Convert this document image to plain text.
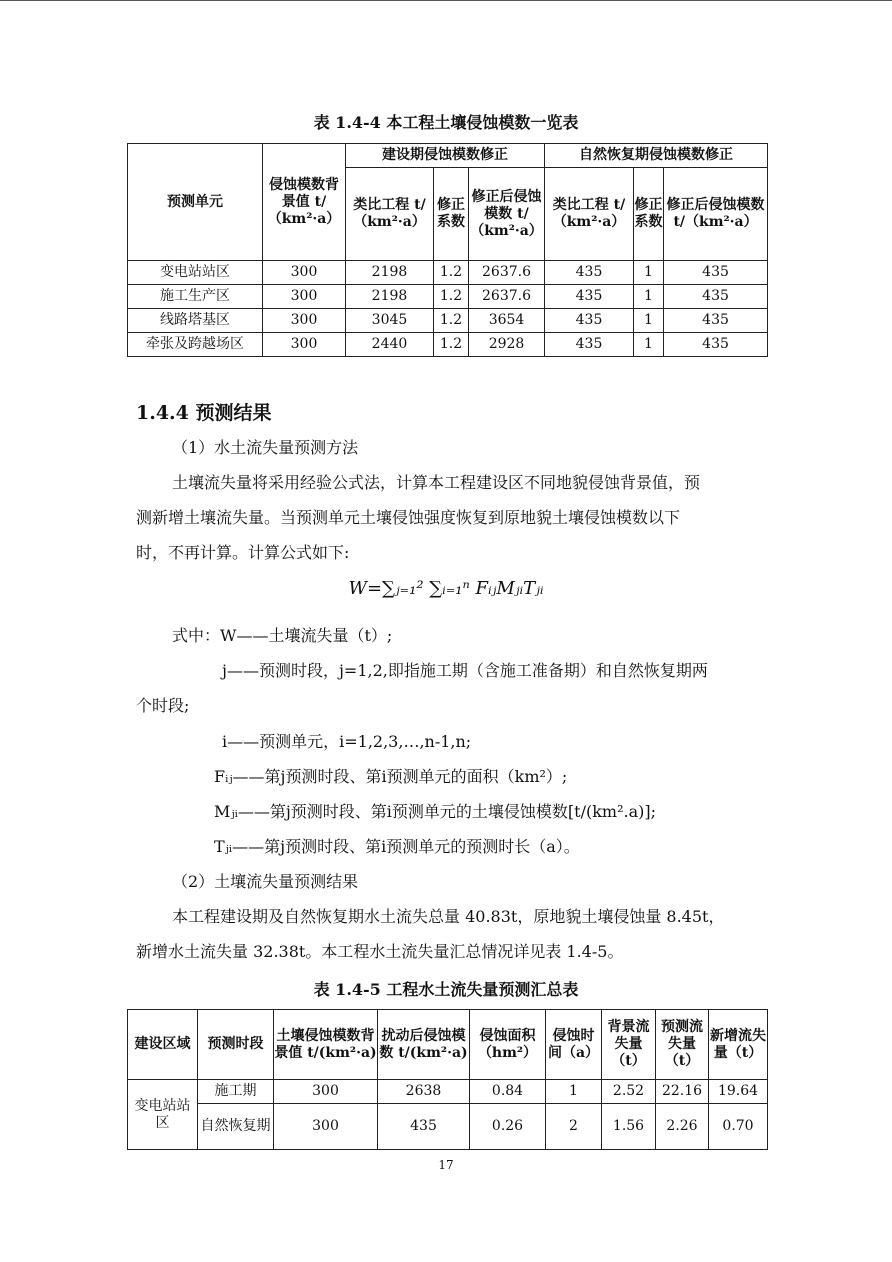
表 1.4-4 本工程土壤侵蚀模数一览表
预测单元	侵蚀模数背景值 t/（km²·a）	建设期侵蚀模数修正			自然恢复期侵蚀模数修正		
		类比工程 t/（km²·a）	修正系数	修正后侵蚀模数 t/（km²·a）	类比工程 t/（km²·a）	修正系数	修正后侵蚀模数 t/（km²·a）
变电站站区	300	2198	1.2	2637.6	435	1	435
施工生产区	300	2198	1.2	2637.6	435	1	435
线路塔基区	300	3045	1.2	3654	435	1	435
牵张及跨越场区	300	2440	1.2	2928	435	1	435
1.4.4 预测结果
（1）水土流失量预测方法
土壤流失量将采用经验公式法，计算本工程建设区不同地貌侵蚀背景值，预
测新增土壤流失量。当预测单元土壤侵蚀强度恢复到原地貌土壤侵蚀模数以下
时，不再计算。计算公式如下:
W=∑ⱼ₌₁² ∑ᵢ₌₁ⁿ FᵢⱼMⱼᵢTⱼᵢ
式中：W——土壤流失量（t）;
j——预测时段，j=1,2,即指施工期（含施工准备期）和自然恢复期两
个时段;
i——预测单元，i=1,2,3,…,n-1,n;
Fᵢⱼ——第j预测时段、第i预测单元的面积（km²）;
Mⱼᵢ——第j预测时段、第i预测单元的土壤侵蚀模数[t/(km².a)];
Tⱼᵢ——第j预测时段、第i预测单元的预测时长（a）。
（2）土壤流失量预测结果
本工程建设期及自然恢复期水土流失总量 40.83t，原地貌土壤侵蚀量 8.45t，
新增水土流失量 32.38t。本工程水土流失量汇总情况详见表 1.4-5。
表 1.4-5 工程水土流失量预测汇总表
建设区域	预测时段	土壤侵蚀模数背景值 t/(km²·a)	扰动后侵蚀模数 t/(km²·a)	侵蚀面积（hm²）	侵蚀时间（a）	背景流失量（t）	预测流失量（t）	新增流失量（t）
变电站站区	施工期	300	2638	0.84	1	2.52	22.16	19.64
	自然恢复期	300	435	0.26	2	1.56	2.26	0.70
17
